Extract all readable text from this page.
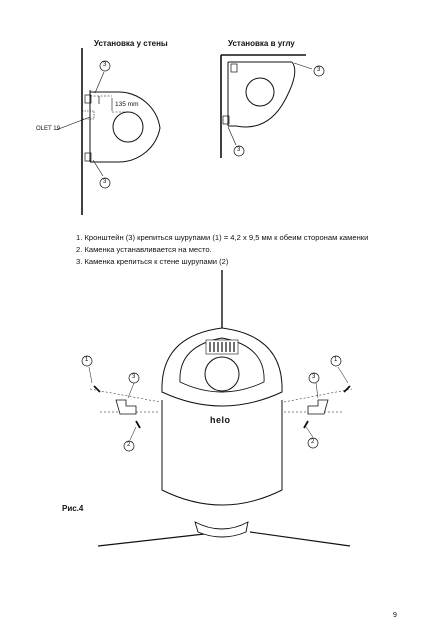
Установка у стены	Установка в углу
3
3
3
3
135 mm
OLET 19
1. Кронштейн (3) крепиться шурупами (1) = 4,2 x 9,5 мм к обеим сторонам каменки
2. Каменка устанавливается на место.
3. Каменка крепиться к стене шурупами (2)
1
3
2
1
3
2
helo
Рис.4
9
